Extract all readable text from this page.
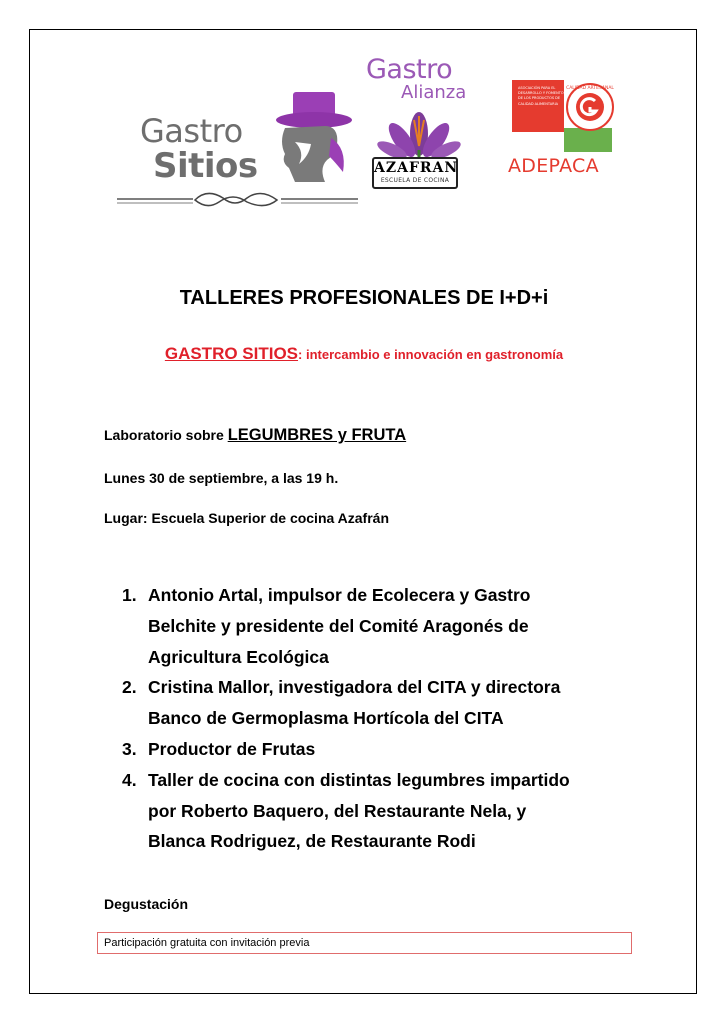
Gastro
Sitios
Gastro
Alianza
AZAFRAN
ESCUELA DE COCINA
ASOCIACIÓN PARA EL DESARROLLO Y FOMENTO DE LOS PRODUCTOS DE CALIDAD ALIMENTARIA
CALIDAD ARTESANAL
ADEPACA
TALLERES PROFESIONALES DE I+D+i
GASTRO SITIOS: intercambio e innovación en gastronomía
Laboratorio sobre LEGUMBRES y FRUTA
Lunes 30 de septiembre, a las 19 h.
Lugar: Escuela Superior de cocina Azafrán
1. Antonio Artal, impulsor de Ecolecera y Gastro
Belchite y presidente del Comité Aragonés de
Agricultura Ecológica
2. Cristina Mallor, investigadora del CITA y directora
Banco de Germoplasma Hortícola del CITA
3. Productor de Frutas
4. Taller de cocina con distintas legumbres impartido
por Roberto Baquero, del Restaurante Nela, y
Blanca Rodriguez, de Restaurante Rodi
Degustación
Participación gratuita con invitación previa
